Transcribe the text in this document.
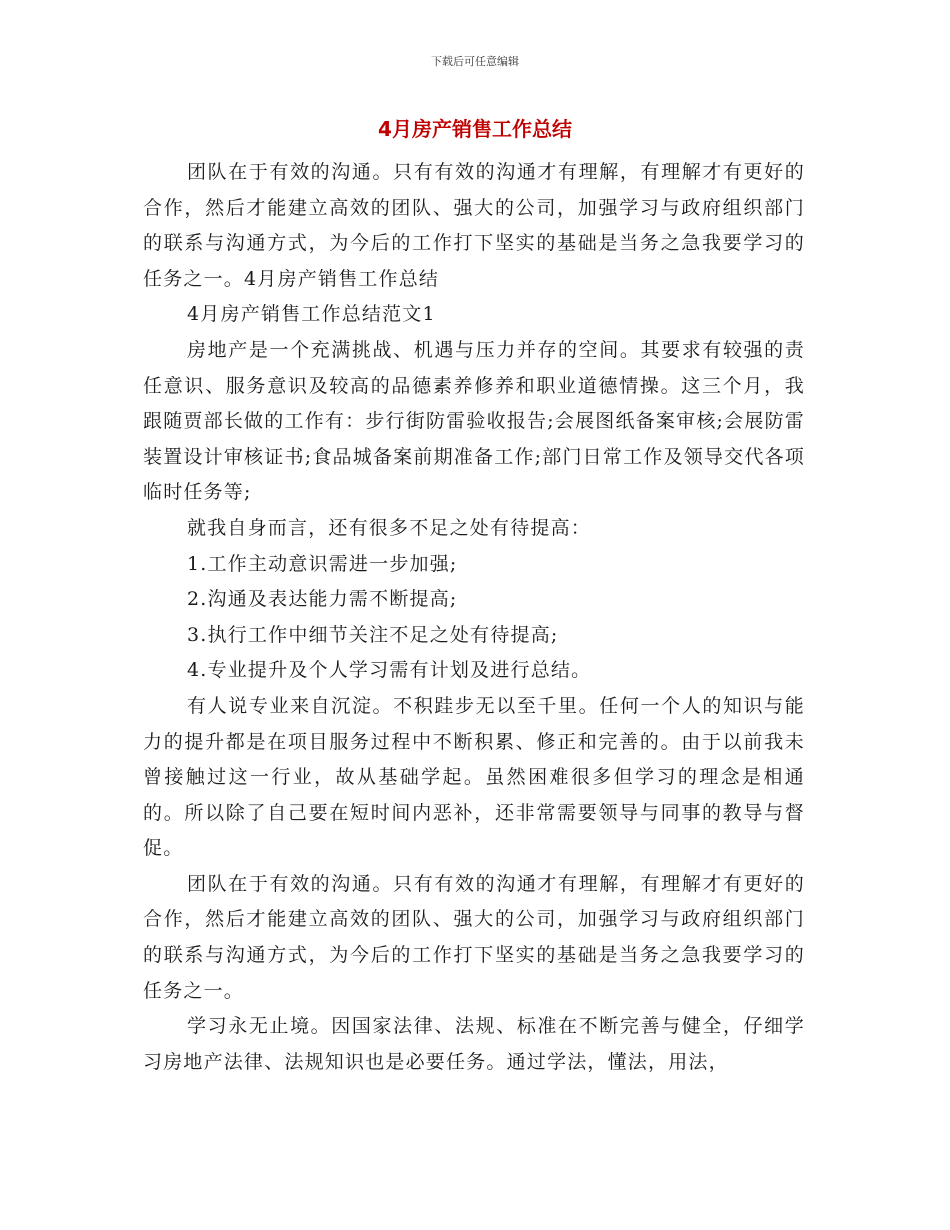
下载后可任意编辑
4月房产销售工作总结

团队在于有效的沟通。只有有效的沟通才有理解，有理解才有更好的合作，然后才能建立高效的团队、强大的公司，加强学习与政府组织部门的联系与沟通方式，为今后的工作打下坚实的基础是当务之急我要学习的任务之一。4月房产销售工作总结

4月房产销售工作总结范文1

房地产是一个充满挑战、机遇与压力并存的空间。其要求有较强的责任意识、服务意识及较高的品德素养修养和职业道德情操。这三个月，我跟随贾部长做的工作有：步行街防雷验收报告;会展图纸备案审核;会展防雷装置设计审核证书;食品城备案前期准备工作;部门日常工作及领导交代各项临时任务等;

就我自身而言，还有很多不足之处有待提高：

1.工作主动意识需进一步加强;

2.沟通及表达能力需不断提高;

3.执行工作中细节关注不足之处有待提高;

4.专业提升及个人学习需有计划及进行总结。

有人说专业来自沉淀。不积跬步无以至千里。任何一个人的知识与能力的提升都是在项目服务过程中不断积累、修正和完善的。由于以前我未曾接触过这一行业，故从基础学起。虽然困难很多但学习的理念是相通的。所以除了自己要在短时间内恶补，还非常需要领导与同事的教导与督促。

团队在于有效的沟通。只有有效的沟通才有理解，有理解才有更好的合作，然后才能建立高效的团队、强大的公司，加强学习与政府组织部门的联系与沟通方式，为今后的工作打下坚实的基础是当务之急我要学习的任务之一。

学习永无止境。因国家法律、法规、标准在不断完善与健全，仔细学习房地产法律、法规知识也是必要任务。通过学法，懂法，用法，
